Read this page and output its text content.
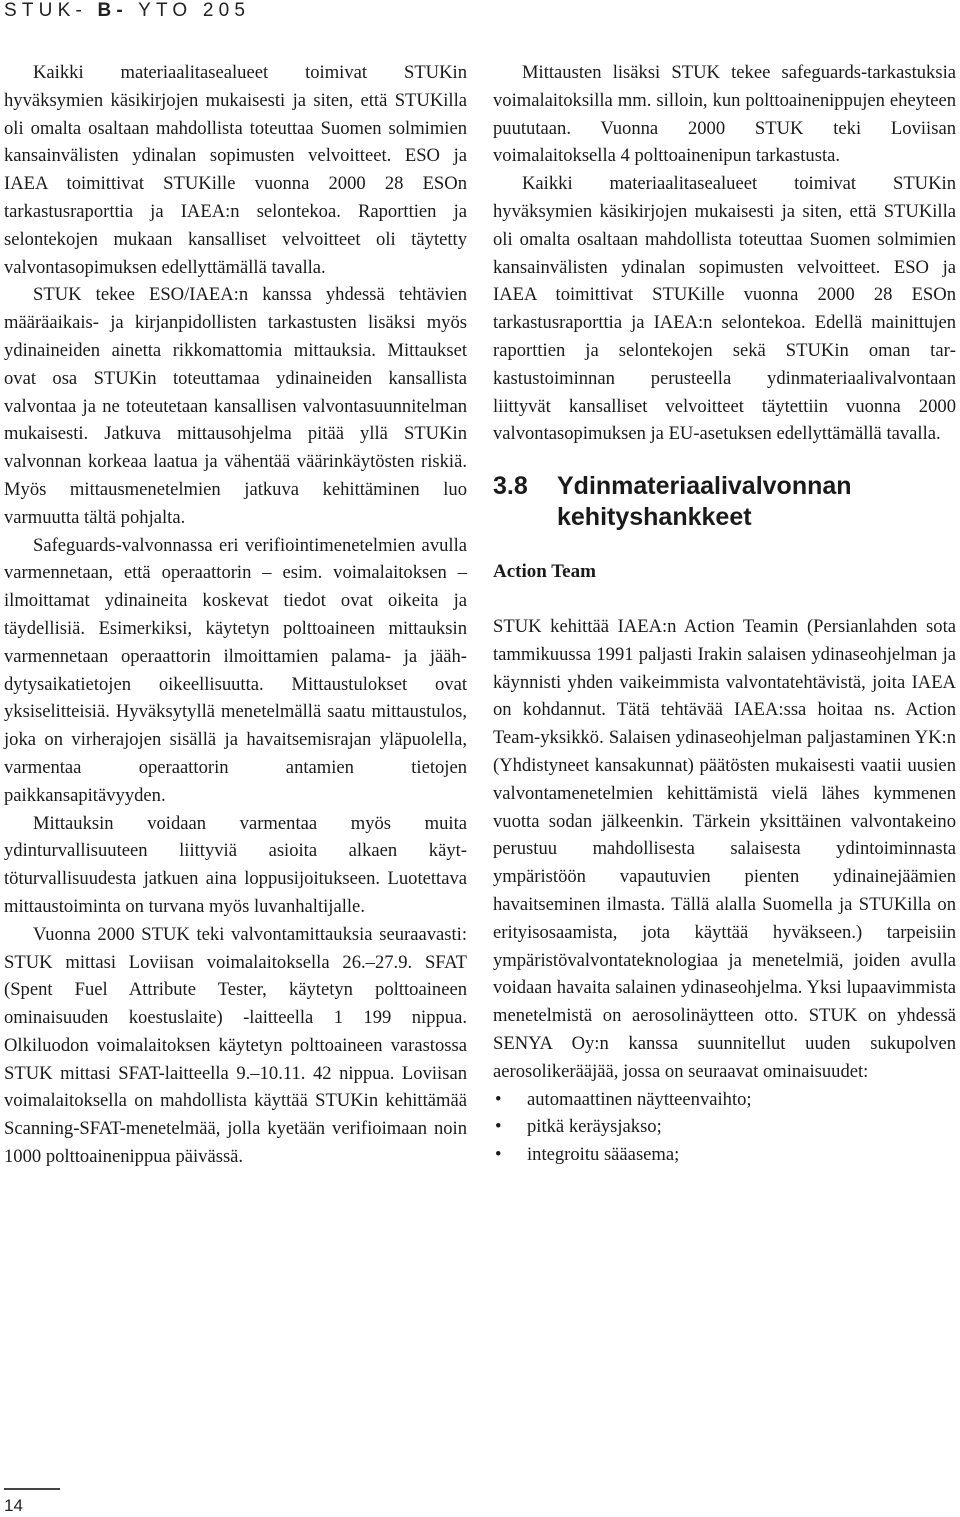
STUK- B- YTO 205

Kaikki materiaalitasealueet toimivat STUKin hyväksymien käsikirjojen mukaisesti ja siten, että STUKilla oli omalta osaltaan mahdollista toteuttaa Suomen solmimien kansainvälisten ydinalan sopimusten velvoitteet. ESO ja IAEA toimittivat STUKille vuonna 2000 28 ESOn tarkastusraporttia ja IAEA:n selontekoa. Raporttien ja selontekojen mukaan kansalliset velvoitteet oli täytetty valvontasopimuksen edellyttämällä tavalla.

STUK tekee ESO/IAEA:n kanssa yhdessä tehtävien määräaikais- ja kirjanpidollisten tarkastusten lisäksi myös ydinaineiden ainetta rikkomattomia mittauksia. Mittaukset ovat osa STUKin toteuttamaa ydinaineiden kansallista valvontaa ja ne toteutetaan kansallisen valvontasuunnitelman mukaisesti. Jatkuva mittausohjelma pitää yllä STUKin valvonnan korkeaa laatua ja vähentää väärinkäytösten riskiä. Myös mittausmenetelmien jatkuva kehittäminen luo varmuutta tältä pohjalta.

Safeguards-valvonnassa eri verifiointimenetelmien avulla varmennetaan, että operaattorin – esim. voimalaitoksen – ilmoittamat ydinaineita koskevat tiedot ovat oikeita ja täydellisiä. Esimerkiksi, käytetyn polttoaineen mittauksin varmennetaan operaattorin ilmoittamien palama- ja jäähdytysaikatietojen oikeellisuutta. Mittaustulokset ovat yksiselitteisiä. Hyväksytyllä menetelmällä saatu mittaustulos, joka on virherajojen sisällä ja havaitsemisrajan yläpuolella, varmentaa operaattorin antamien tietojen paikkansapitävyyden.

Mittauksin voidaan varmentaa myös muita ydinturvallisuuteen liittyviä asioita alkaen käyttöturvallisuudesta jatkuen aina loppusijoitukseen. Luotettava mittaustoiminta on turvana myös luvanhaltijalle.

Vuonna 2000 STUK teki valvontamittauksia seuraavasti: STUK mittasi Loviisan voimalaitoksella 26.–27.9. SFAT (Spent Fuel Attribute Tester, käytetyn polttoaineen ominaisuuden koestuslaite) -laitteella 1 199 nippua. Olkiluodon voimalaitoksen käytetyn polttoaineen varastossa STUK mittasi SFAT-laitteella 9.–10.11. 42 nippua. Loviisan voimalaitoksella on mahdollista käyttää STUKin kehittämää Scanning-SFAT-menetelmää, jolla kyetään verifioimaan noin 1000 polttoainenippua päivässä.

Mittausten lisäksi STUK tekee safeguards-tarkastuksia voimalaitoksilla mm. silloin, kun polttoainenippujen eheyteen puututaan. Vuonna 2000 STUK teki Loviisan voimalaitoksella 4 polttoainenipun tarkastusta.

Kaikki materiaalitasealueet toimivat STUKin hyväksymien käsikirjojen mukaisesti ja siten, että STUKilla oli omalta osaltaan mahdollista toteuttaa Suomen solmimien kansainvälisten ydinalan sopimusten velvoitteet. ESO ja IAEA toimittivat STUKille vuonna 2000 28 ESOn tarkastusraporttia ja IAEA:n selontekoa. Edellä mainittujen raporttien ja selontekojen sekä STUKin oman tarkastustoiminnan perusteella ydinmateriaalivalvontaan liittyvät kansalliset velvoitteet täytettiin vuonna 2000 valvontasopimuksen ja EU-asetuksen edellyttämällä tavalla.

3.8	Ydinmateriaalivalvonnan kehityshankkeet
Action Team

STUK kehittää IAEA:n Action Teamin (Persianlahden sota tammikuussa 1991 paljasti Irakin salaisen ydinaseohjelman ja käynnisti yhden vaikeimmista valvontatehtävistä, joita IAEA on kohdannut. Tätä tehtävää IAEA:ssa hoitaa ns. Action Team-yksikkö. Salaisen ydinaseohjelman paljastaminen YK:n (Yhdistyneet kansakunnat) päätösten mukaisesti vaatii uusien valvontamenetelmien kehittämistä vielä lähes kymmenen vuotta sodan jälkeenkin. Tärkein yksittäinen valvontakeino perustuu mahdollisesta salaisesta ydintoiminnasta ympäristöön vapautuvien pienten ydinainejäämien havaitseminen ilmasta. Tällä alalla Suomella ja STUKilla on erityisosaamista, jota käyttää hyväkseen.) tarpeisiin ympäristövalvontateknologiaa ja menetelmiä, joiden avulla voidaan havaita salainen ydinaseohjelma. Yksi lupaavimmista menetelmistä on aerosolinäytteen otto. STUK on yhdessä SENYA Oy:n kanssa suunnitellut uuden sukupolven aerosolikerääjää, jossa on seuraavat ominaisuudet:

• automaattinen näytteenvaihto;
• pitkä keräysjakso;
• integroitu sääasema;
14
